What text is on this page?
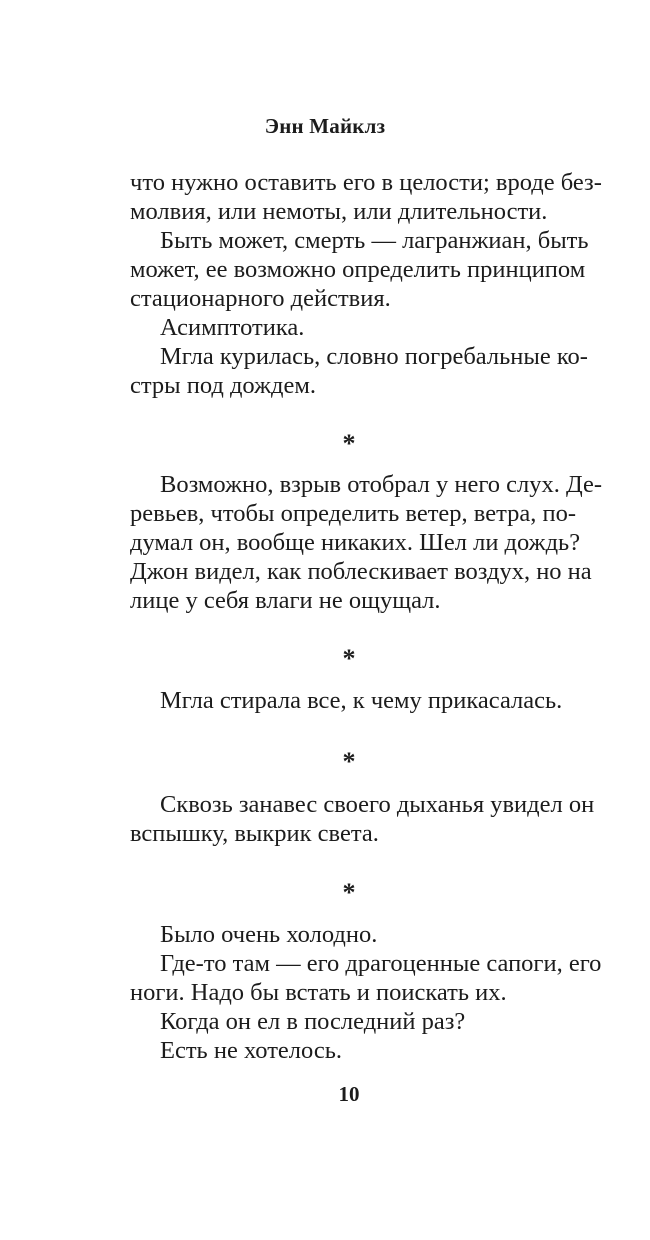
Энн Майклз
что нужно оставить его в целости; вроде без-
молвия, или немоты, или длительности.
Быть может, смерть — лагранжиан, быть
может, ее возможно определить принципом
стационарного действия.
Асимптотика.
Мгла курилась, словно погребальные ко-
стры под дождем.
Возможно, взрыв отобрал у него слух. Де-
ревьев, чтобы определить ветер, ветра, по-
думал он, вообще никаких. Шел ли дождь?
Джон видел, как поблескивает воздух, но на
лице у себя влаги не ощущал.
Мгла стирала все, к чему прикасалась.
Сквозь занавес своего дыханья увидел он
вспышку, выкрик света.
Было очень холодно.
Где-то там — его драгоценные сапоги, его
ноги. Надо бы встать и поискать их.
Когда он ел в последний раз?
Есть не хотелось.
*
*
*
*
10
